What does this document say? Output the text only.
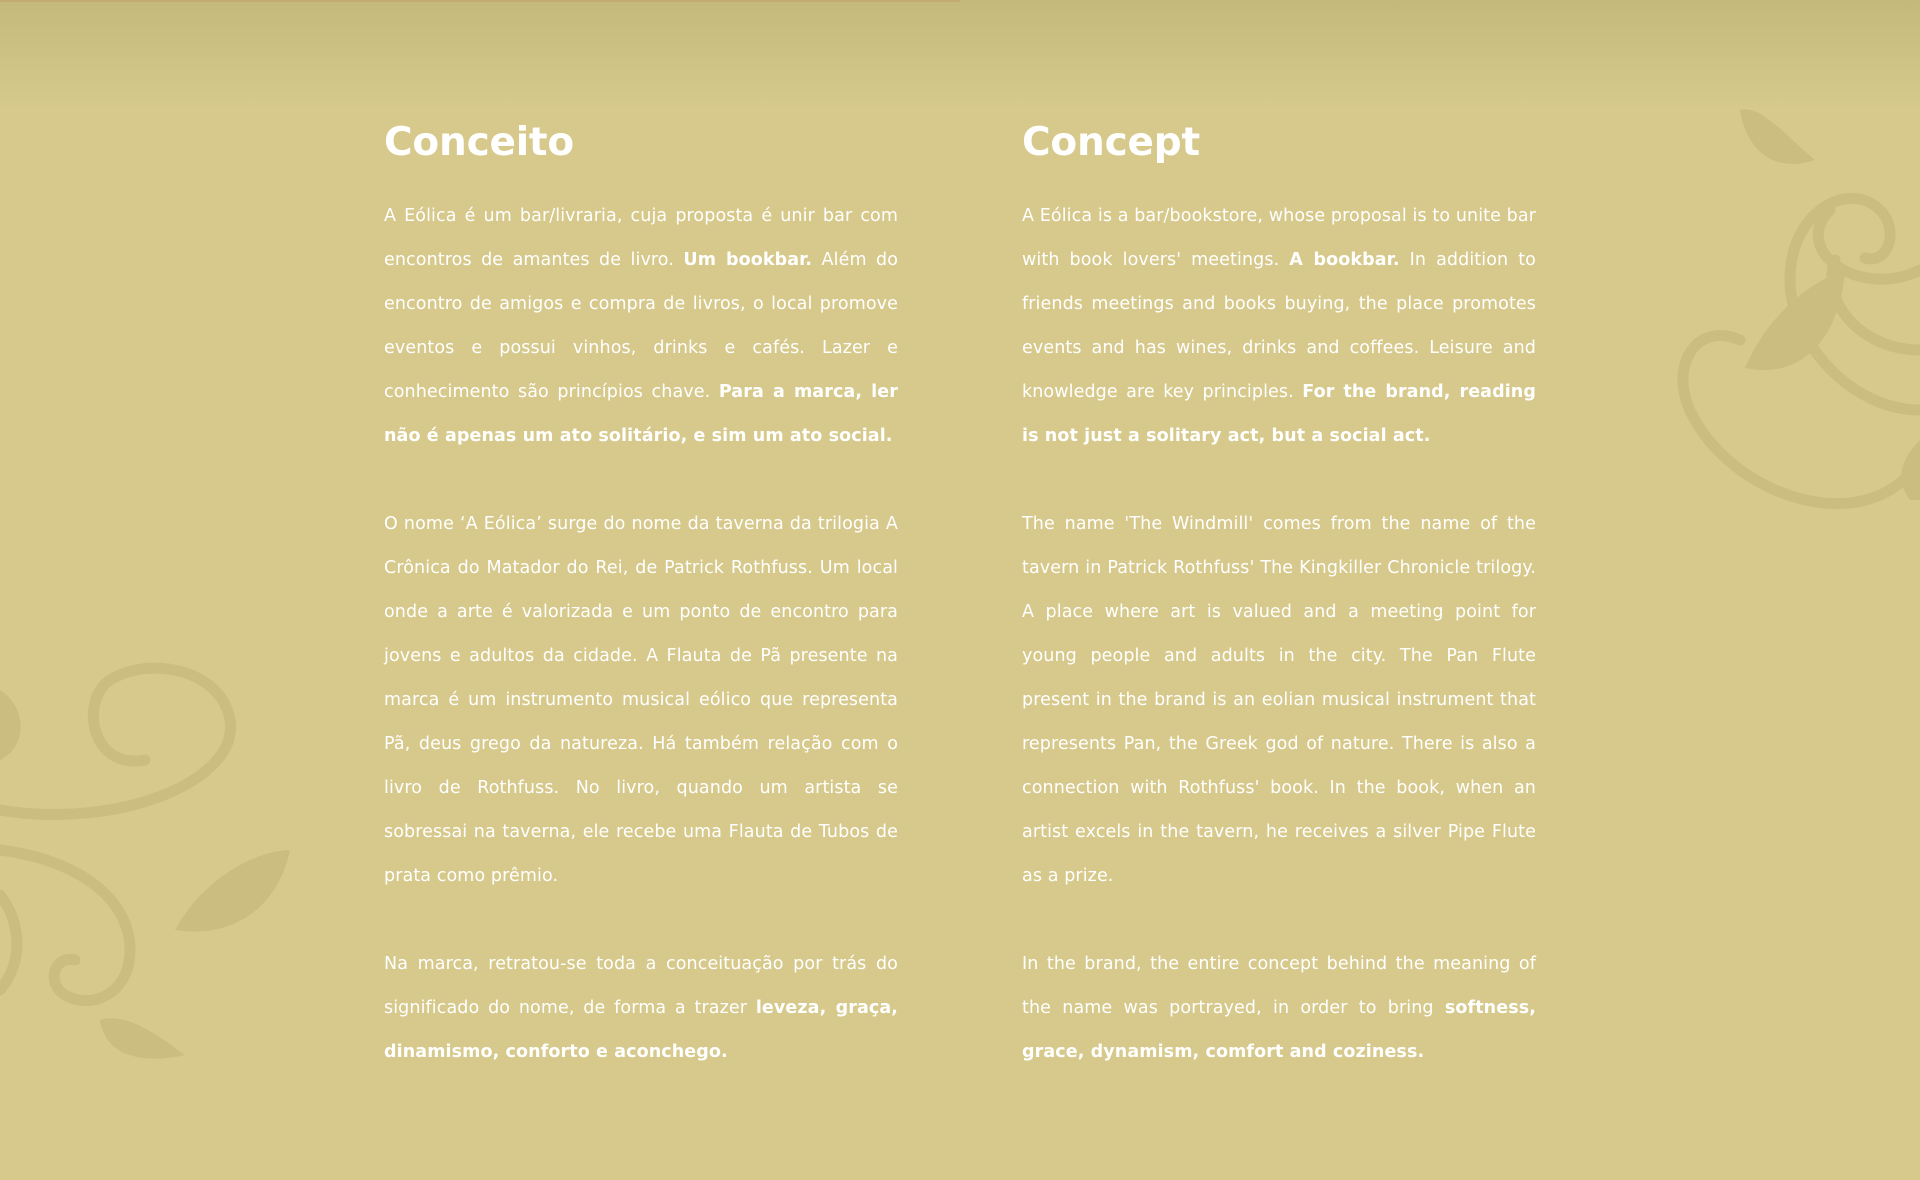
Conceito

A Eólica é um bar/livraria, cuja proposta é unir bar com encontros de amantes de livro. Um bookbar. Além do encontro de amigos e compra de livros, o local promove eventos e possui vinhos, drinks e cafés. Lazer e conhecimento são princípios chave. Para a marca, ler não é apenas um ato solitário, e sim um ato social.

O nome ‘A Eólica’ surge do nome da taverna da trilogia A Crônica do Matador do Rei, de Patrick Rothfuss. Um local onde a arte é valorizada e um ponto de encontro para jovens e adultos da cidade. A Flauta de Pã presente na marca é um instrumento musical eólico que representa Pã, deus grego da natureza. Há também relação com o livro de Rothfuss. No livro, quando um artista se sobressai na taverna, ele recebe uma Flauta de Tubos de prata como prêmio.

Na marca, retratou-se toda a conceituação por trás do significado do nome, de forma a trazer leveza, graça, dinamismo, conforto e aconchego.

Concept

A Eólica is a bar/bookstore, whose proposal is to unite bar with book lovers' meetings. A bookbar. In addition to friends meetings and books buying, the place promotes events and has wines, drinks and coffees. Leisure and knowledge are key principles. For the brand, reading is not just a solitary act, but a social act.

The name 'The Windmill' comes from the name of the tavern in Patrick Rothfuss' The Kingkiller Chronicle trilogy. A place where art is valued and a meeting point for young people and adults in the city. The Pan Flute present in the brand is an eolian musical instrument that represents Pan, the Greek god of nature. There is also a connection with Rothfuss' book. In the book, when an artist excels in the tavern, he receives a silver Pipe Flute as a prize.

In the brand, the entire concept behind the meaning of the name was portrayed, in order to bring softness, grace, dynamism, comfort and coziness.
